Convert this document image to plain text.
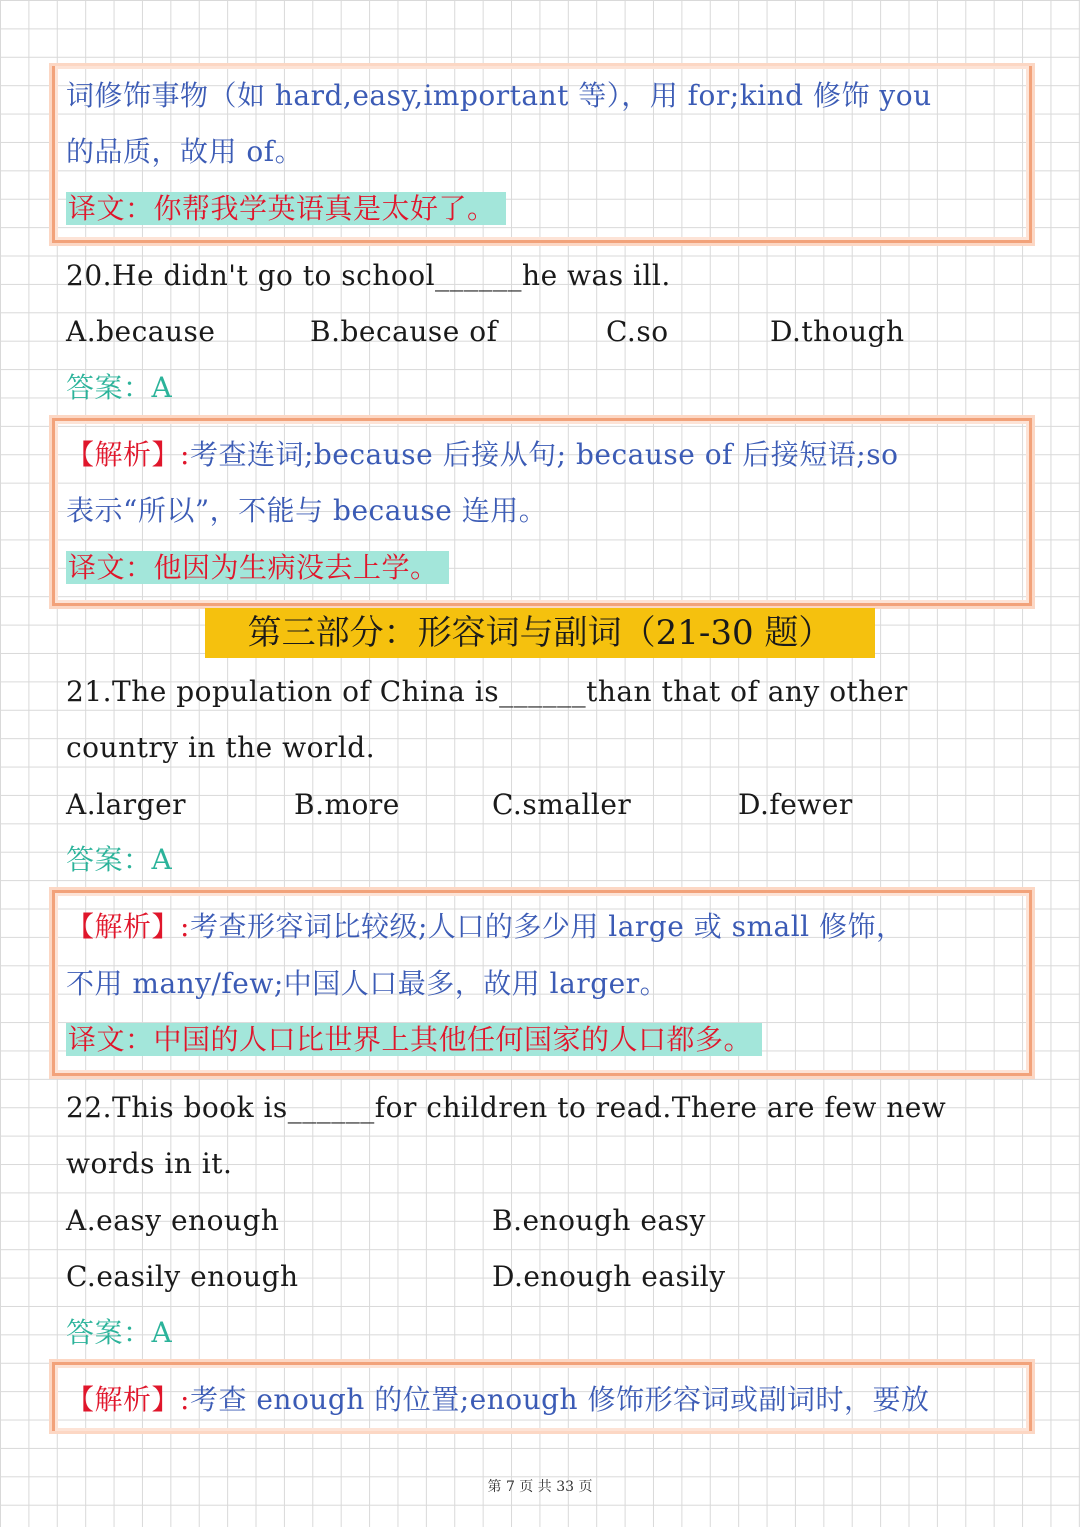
词修饰事物（如 hard,easy,important 等），用 for;kind 修饰 you
的品质，故用 of。
译文：你帮我学英语真是太好了。
20.He didn't go to school______he was ill.
A.because	B.because of	C.so	D.though
答案：A
【解析】:考查连词;because 后接从句; because of 后接短语;so
表示“所以”，不能与 because 连用。
译文：他因为生病没去上学。
第三部分：形容词与副词（21-30 题）
21.The population of China is______than that of any other
country in the world.
A.larger	B.more	C.smaller	D.fewer
答案：A
【解析】:考查形容词比较级;人口的多少用 large 或 small 修饰，
不用 many/few;中国人口最多，故用 larger。
译文：中国的人口比世界上其他任何国家的人口都多。
22.This book is______for children to read.There are few new
words in it.
A.easy enough	B.enough easy
C.easily enough	D.enough easily
答案：A
【解析】:考查 enough 的位置;enough 修饰形容词或副词时，要放
第 7 页 共 33 页
